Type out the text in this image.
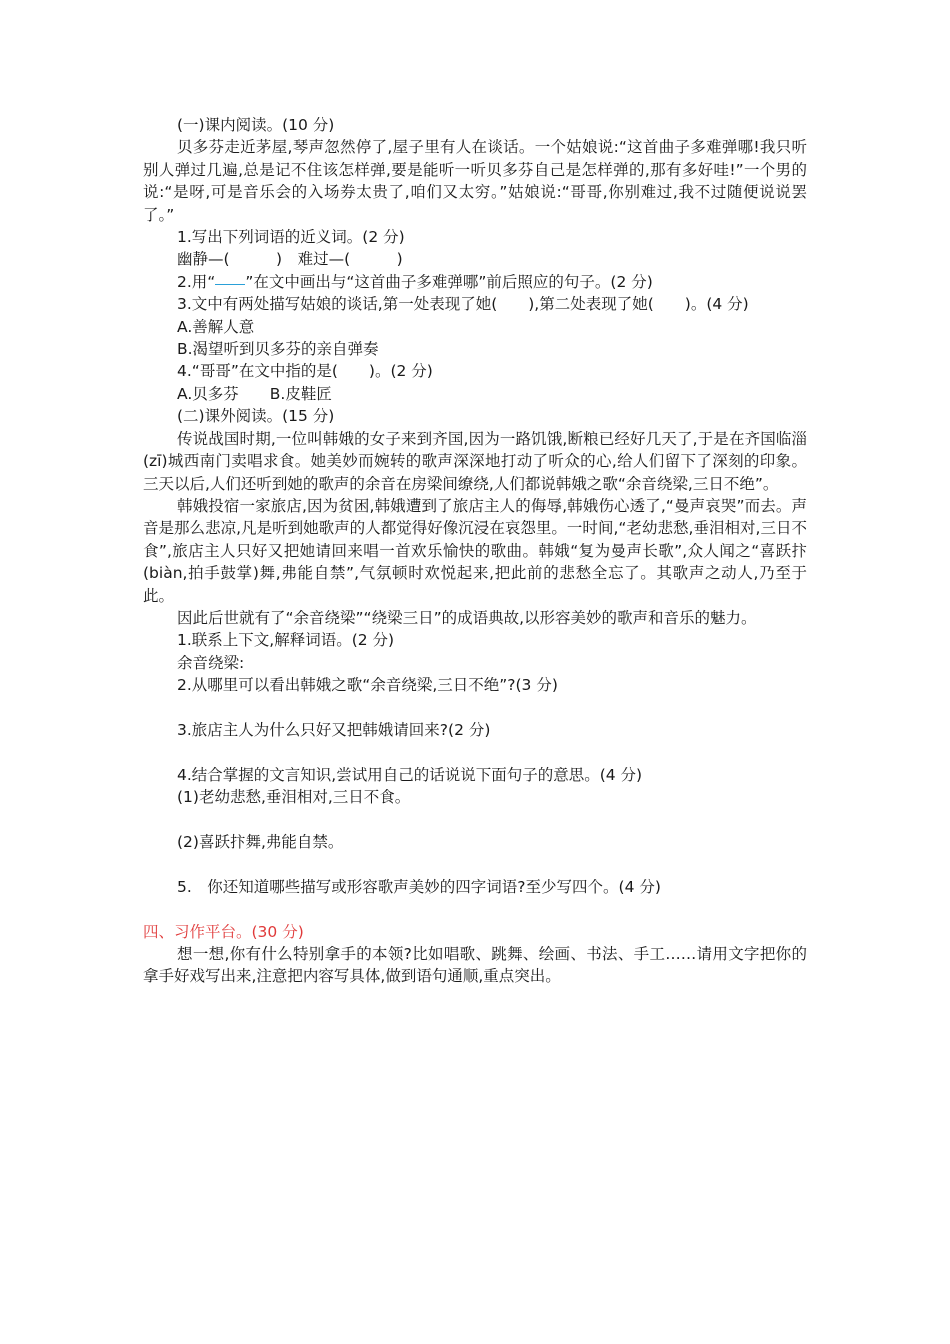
(一)课内阅读。(10 分)
贝多芬走近茅屋,琴声忽然停了,屋子里有人在谈话。一个姑娘说:“这首曲子多难弹哪!我只听别人弹过几遍,总是记不住该怎样弹,要是能听一听贝多芬自己是怎样弹的,那有多好哇!”一个男的说:“是呀,可是音乐会的入场券太贵了,咱们又太穷。”姑娘说:“哥哥,你别难过,我不过随便说说罢了。”
1.写出下列词语的近义词。(2 分)
幽静—(　　　)　难过—(　　　)
2.用“ ”在文中画出与“这首曲子多难弹哪”前后照应的句子。(2 分)
3.文中有两处描写姑娘的谈话,第一处表现了她(　　),第二处表现了她(　　)。(4 分)
A.善解人意
B.渴望听到贝多芬的亲自弹奏
4.“哥哥”在文中指的是(　　)。(2 分)
A.贝多芬　　B.皮鞋匠
(二)课外阅读。(15 分)
传说战国时期,一位叫韩娥的女子来到齐国,因为一路饥饿,断粮已经好几天了,于是在齐国临淄(zī)城西南门卖唱求食。她美妙而婉转的歌声深深地打动了听众的心,给人们留下了深刻的印象。三天以后,人们还听到她的歌声的余音在房梁间缭绕,人们都说韩娥之歌“余音绕梁,三日不绝”。
韩娥投宿一家旅店,因为贫困,韩娥遭到了旅店主人的侮辱,韩娥伤心透了,“曼声哀哭”而去。声音是那么悲凉,凡是听到她歌声的人都觉得好像沉浸在哀怨里。一时间,“老幼悲愁,垂泪相对,三日不食”,旅店主人只好又把她请回来唱一首欢乐愉快的歌曲。韩娥“复为曼声长歌”,众人闻之“喜跃抃(biàn,拍手鼓掌)舞,弗能自禁”,气氛顿时欢悦起来,把此前的悲愁全忘了。其歌声之动人,乃至于此。
因此后世就有了“余音绕梁”“绕梁三日”的成语典故,以形容美妙的歌声和音乐的魅力。
1.联系上下文,解释词语。(2 分)
余音绕梁:
2.从哪里可以看出韩娥之歌“余音绕梁,三日不绝”?(3 分)
3.旅店主人为什么只好又把韩娥请回来?(2 分)
4.结合掌握的文言知识,尝试用自己的话说说下面句子的意思。(4 分)
(1)老幼悲愁,垂泪相对,三日不食。
(2)喜跃抃舞,弗能自禁。
5.　你还知道哪些描写或形容歌声美妙的四字词语?至少写四个。(4 分)
四、习作平台。(30 分)
想一想,你有什么特别拿手的本领?比如唱歌、跳舞、绘画、书法、手工……请用文字把你的拿手好戏写出来,注意把内容写具体,做到语句通顺,重点突出。
